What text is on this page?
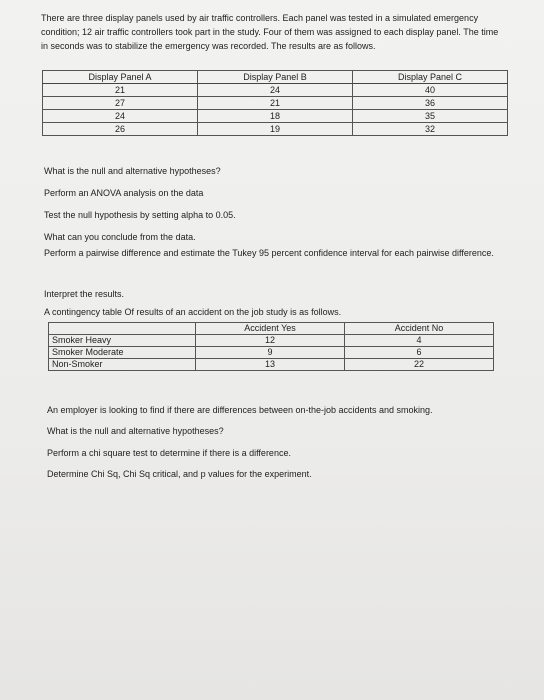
There are three display panels used by air traffic controllers. Each panel was tested in a simulated emergency condition; 12 air traffic controllers took part in the study. Four of them was assigned to each display panel. The time in seconds was to stabilize the emergency was recorded. The results are as follows.

Display Panel A	Display Panel B	Display Panel C
21	24	40
27	21	36
24	18	35
26	19	32

What is the null and alternative hypotheses?

Perform an ANOVA analysis on the data

Test the null hypothesis by setting alpha to 0.05.

What can you conclude from the data.

Perform a pairwise difference and estimate the Tukey 95 percent confidence interval for each pairwise difference.

Interpret the results.

A contingency table Of results of an accident on the job study is as follows.

	Accident Yes	Accident No
Smoker Heavy	12	4
Smoker Moderate	9	6
Non-Smoker	13	22

An employer is looking to find if there are differences between on-the-job accidents and smoking.

What is the null and alternative hypotheses?

Perform a chi square test to determine if there is a difference.

Determine Chi Sq, Chi Sq critical, and p values for the experiment.
